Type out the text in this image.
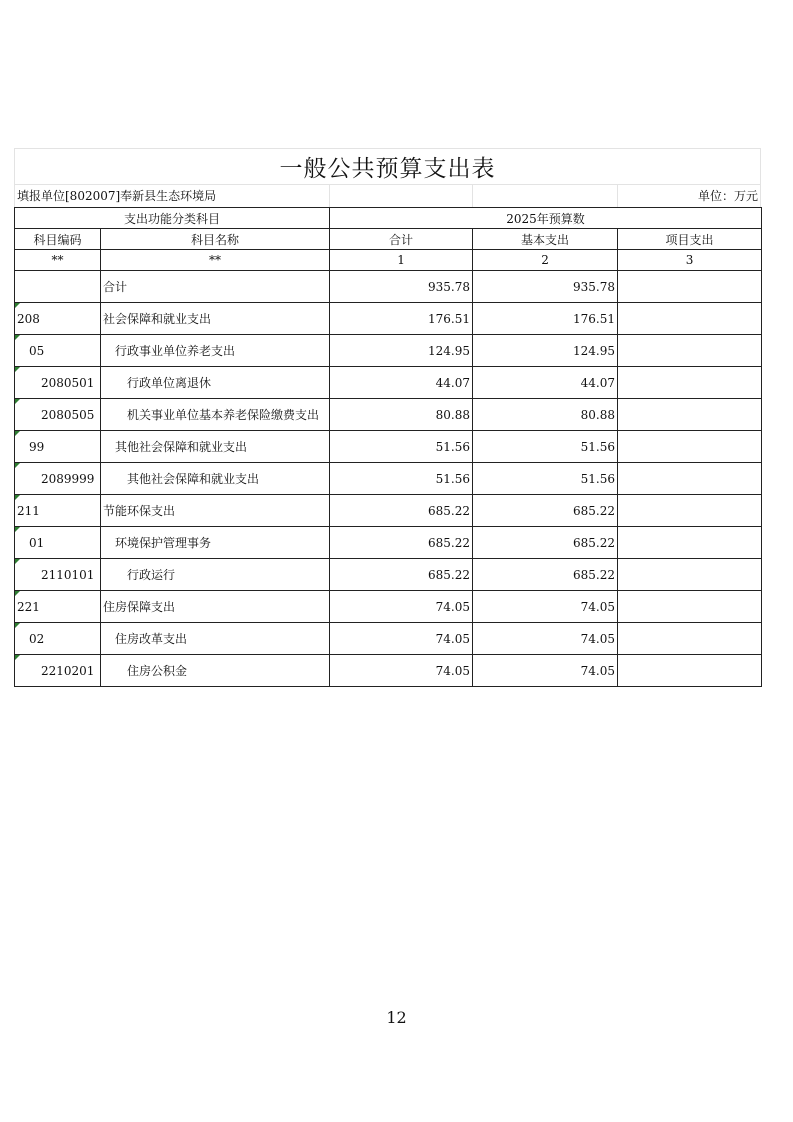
一般公共预算支出表
填报单位[802007]奉新县生态环境局	单位：万元
支出功能分类科目		2025年预算数		
科目编码	科目名称	合计	基本支出	项目支出
**	**	1	2	3
	合计	935.78	935.78	
208	社会保障和就业支出	176.51	176.51	
05	行政事业单位养老支出	124.95	124.95	
2080501	行政单位离退休	44.07	44.07	
2080505	机关事业单位基本养老保险缴费支出	80.88	80.88	
99	其他社会保障和就业支出	51.56	51.56	
2089999	其他社会保障和就业支出	51.56	51.56	
211	节能环保支出	685.22	685.22	
01	环境保护管理事务	685.22	685.22	
2110101	行政运行	685.22	685.22	
221	住房保障支出	74.05	74.05	
02	住房改革支出	74.05	74.05	
2210201	住房公积金	74.05	74.05	
12
